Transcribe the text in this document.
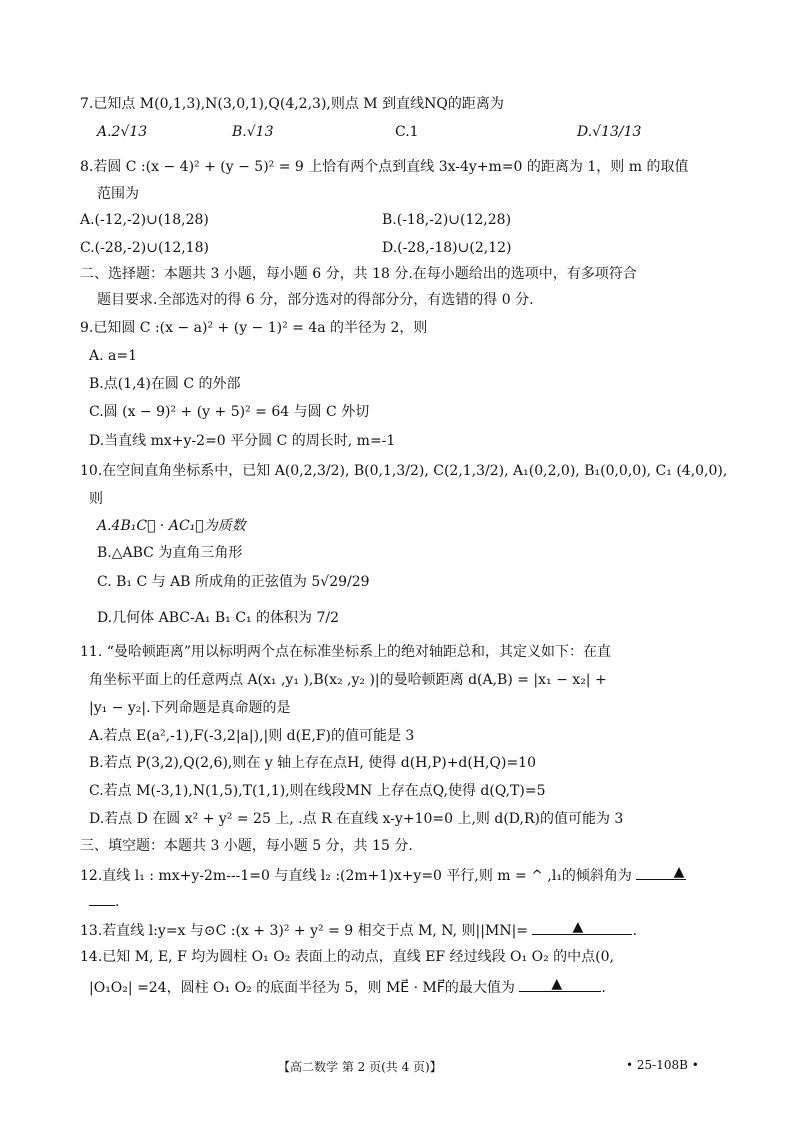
7.已知点 M(0,1,3),N(3,0,1),Q(4,2,3),则点 M 到直线NQ的距离为
A.2√13	B.√13	C.1	D.√13/13
8.若圆 C :(x − 4)² + (y − 5)² = 9 上恰有两个点到直线 3x-4y+m=0 的距离为 1，则 m 的取值
范围为
A.(-12,-2)∪(18,28)	B.(-18,-2)∪(12,28)
C.(-28,-2)∪(12,18)	D.(-28,-18)∪(2,12)
二、选择题：本题共 3 小题，每小题 6 分，共 18 分.在每小题给出的选项中，有多项符合
题目要求.全部选对的得 6 分，部分选对的得部分分，有选错的得 0 分.
9.已知圆 C :(x − a)² + (y − 1)² = 4a 的半径为 2，则
A. a=1
B.点(1,4)在圆 C 的外部
C.圆 (x − 9)² + (y + 5)² = 64 与圆 C 外切
D.当直线 mx+y-2=0 平分圆 C 的周长时, m=-1
10.在空间直角坐标系中，已知 A(0,2,3/2), B(0,1,3/2), C(2,1,3/2), A₁(0,2,0), B₁(0,0,0), C₁ (4,0,0),
则
A.4B₁C⃗ · AC₁⃗为质数
B.△ABC 为直角三角形
C. B₁ C 与 AB 所成角的正弦值为 5√29/29
D.几何体 ABC-A₁ B₁ C₁ 的体积为 7/2
11. “曼哈顿距离”用以标明两个点在标准坐标系上的绝对轴距总和，其定义如下：在直
角坐标平面上的任意两点 A(x₁ ,y₁ ),B(x₂ ,y₂ )|的曼哈顿距离 d(A,B) = |x₁ − x₂| +
|y₁ − y₂|.下列命题是真命题的是
A.若点 E(a²,-1),F(-3,2|a|),|则 d(E,F)的值可能是 3
B.若点 P(3,2),Q(2,6),则在 y 轴上存在点H, 使得 d(H,P)+d(H,Q)=10
C.若点 M(-3,1),N(1,5),T(1,1),则在线段MN 上存在点Q,使得 d(Q,T)=5
D.若点 D 在圆 x² + y² = 25 上, .点 R 在直线 x-y+10=0 上,则 d(D,R)的值可能为 3
三、填空题：本题共 3 小题，每小题 5 分，共 15 分.
12.直线 l₁ : mx+y-2m---1=0 与直线 l₂ :(2m+1)x+y=0 平行,则 m = ^ ,l₁的倾斜角为	▲
.
13.若直线 l:y=x 与⊙C :(x + 3)² + y² = 9 相交于点 M, N, 则||MN|=	▲	.
14.已知 M, E, F 均为圆柱 O₁ O₂ 表面上的动点，直线 EF 经过线段 O₁ O₂ 的中点(0,
|O₁O₂| =24，圆柱 O₁ O₂ 的底面半径为 5，则 ME⃗ · MF⃗的最大值为	▲	.
【高二数学 第 2 页(共 4 页)】	• 25-108B •
